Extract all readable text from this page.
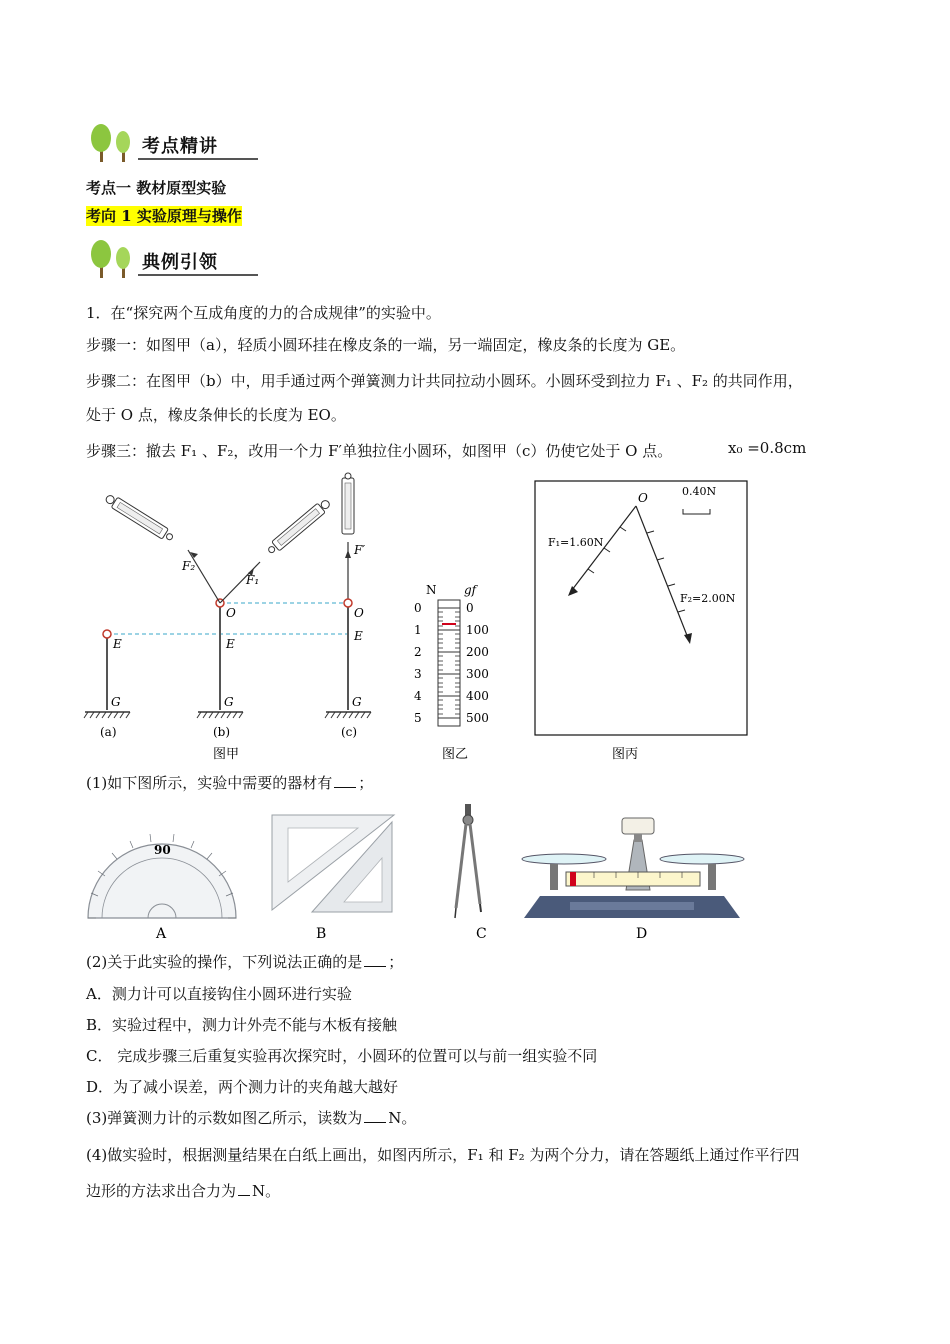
考点精讲
考点一 教材原型实验
考向 1 实验原理与操作
典例引领
1．在“探究两个互成角度的力的合成规律”的实验中。
步骤一：如图甲（a），轻质小圆环挂在橡皮条的一端，另一端固定，橡皮条的长度为 GE。
步骤二：在图甲（b）中，用手通过两个弹簧测力计共同拉动小圆环。小圆环受到拉力 F₁ 、F₂ 的共同作用，
处于 O 点，橡皮条伸长的长度为 EO。
步骤三：撤去 F₁ 、F₂，改用一个力 F′单独拉住小圆环，如图甲（c）仍使它处于 O 点。	x₀ =0.8cm
E
G
O
E
G
F₂
F₁
F′
O
E
G
(a)	(b)	(c)
图甲
N gf
0
1
2
3
4
5
0
100
200
300
400
500
图乙
O	0.40N
F₁=1.60N
F₂=2.00N
图丙
(1)如下图所示，实验中需要的器材有 ；
90
A	B	C	D
(2)关于此实验的操作，下列说法正确的是 ；
A．测力计可以直接钩住小圆环进行实验
B．实验过程中，测力计外壳不能与木板有接触
C． 完成步骤三后重复实验再次探究时，小圆环的位置可以与前一组实验不同
D．为了减小误差，两个测力计的夹角越大越好
(3)弹簧测力计的示数如图乙所示，读数为 N。
(4)做实验时，根据测量结果在白纸上画出，如图丙所示，F₁ 和 F₂ 为两个分力，请在答题纸上通过作平行四
边形的方法求出合力为 N。
